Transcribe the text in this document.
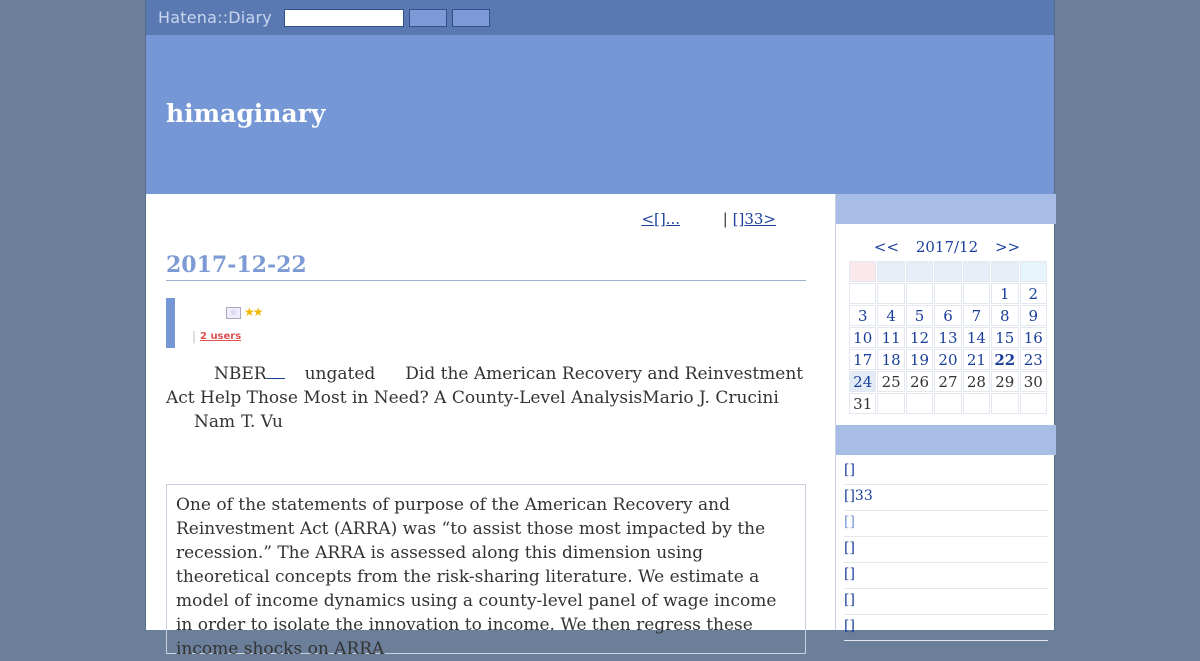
Hatena::Diary
himaginary
<[]...	| []33>
2017-12-22
☆ ★★
| 2 users
NBER ungated Did the American Recovery and Reinvestment Act Help Those Most in Need? A County-Level AnalysisMario J. Crucini
Nam T. Vu
One of the statements of purpose of the American Recovery and Reinvestment Act (ARRA) was “to assist those most impacted by the recession.” The ARRA is assessed along this dimension using theoretical concepts from the risk-sharing literature. We estimate a model of income dynamics using a county-level panel of wage income in order to isolate the innovation to income. We then regress these income shocks on ARRA
<< 2017/12 >>

					1	2
3	4	5	6	7	8	9
10	11	12	13	14	15	16
17	18	19	20	21	22	23
24	25	26	27	28	29	30
31						
[]
[]33
[]
[]
[]
[]
[]
